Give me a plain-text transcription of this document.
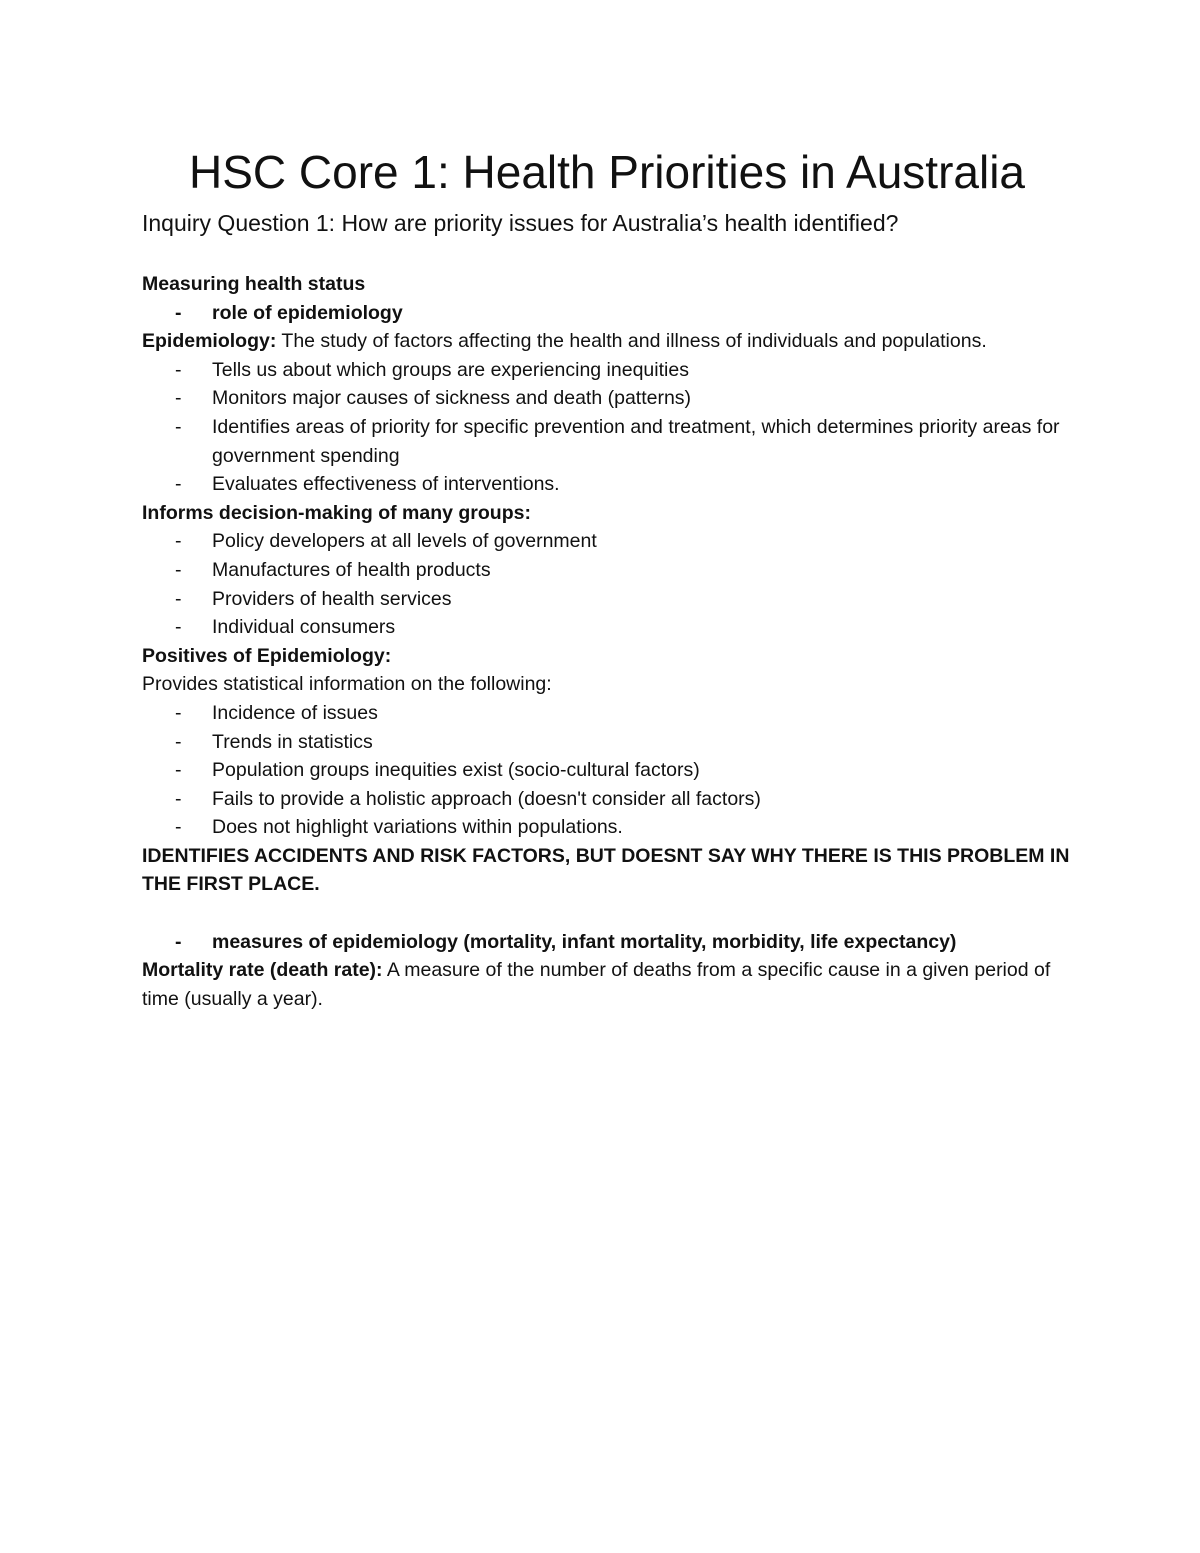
HSC Core 1: Health Priorities in Australia
Inquiry Question 1: How are priority issues for Australia’s health identified?

Measuring health status

- role of epidemiology

Epidemiology: The study of factors affecting the health and illness of individuals and populations.

- Tells us about which groups are experiencing inequities
- Monitors major causes of sickness and death (patterns)
- Identifies areas of priority for specific prevention and treatment, which determines priority areas for government spending
- Evaluates effectiveness of interventions.

Informs decision-making of many groups:

- Policy developers at all levels of government
- Manufactures of health products
- Providers of health services
- Individual consumers

Positives of Epidemiology:

Provides statistical information on the following:

- Incidence of issues
- Trends in statistics
- Population groups inequities exist (socio-cultural factors)
- Fails to provide a holistic approach (doesn't consider all factors)
- Does not highlight variations within populations.

IDENTIFIES ACCIDENTS AND RISK FACTORS, BUT DOESNT SAY WHY THERE IS THIS PROBLEM IN THE FIRST PLACE.

- measures of epidemiology (mortality, infant mortality, morbidity, life expectancy)

Mortality rate (death rate): A measure of the number of deaths from a specific cause in a given period of time (usually a year).
